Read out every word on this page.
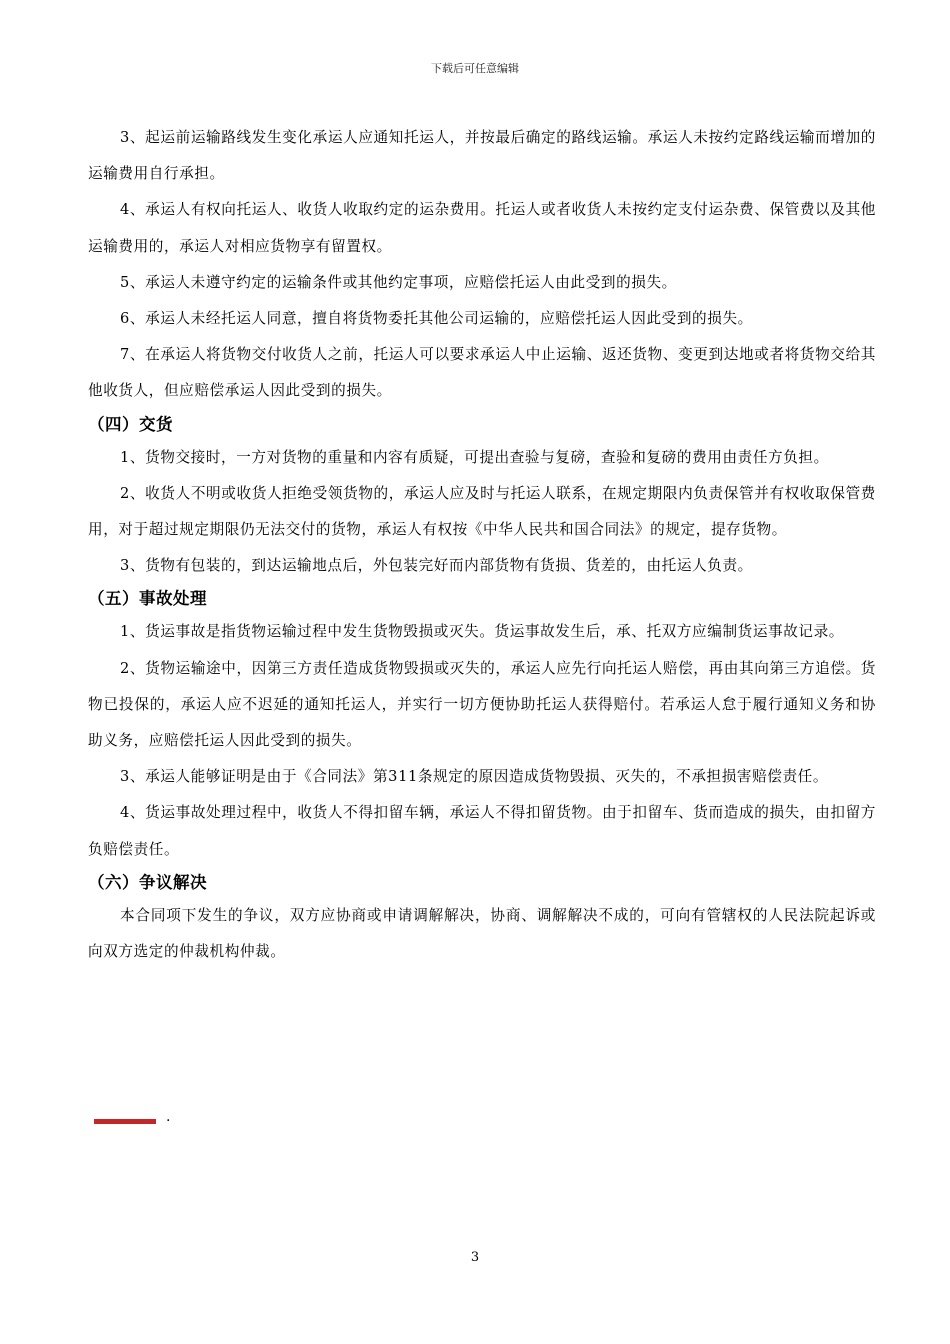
下载后可任意编辑

3、起运前运输路线发生变化承运人应通知托运人，并按最后确定的路线运输。承运人未按约定路线运输而增加的运输费用自行承担。

4、承运人有权向托运人、收货人收取约定的运杂费用。托运人或者收货人未按约定支付运杂费、保管费以及其他运输费用的，承运人对相应货物享有留置权。

5、承运人未遵守约定的运输条件或其他约定事项，应赔偿托运人由此受到的损失。

6、承运人未经托运人同意，擅自将货物委托其他公司运输的，应赔偿托运人因此受到的损失。

7、在承运人将货物交付收货人之前，托运人可以要求承运人中止运输、返还货物、变更到达地或者将货物交给其他收货人，但应赔偿承运人因此受到的损失。

（四）交货

1、货物交接时，一方对货物的重量和内容有质疑，可提出查验与复磅，查验和复磅的费用由责任方负担。

2、收货人不明或收货人拒绝受领货物的，承运人应及时与托运人联系，在规定期限内负责保管并有权收取保管费用，对于超过规定期限仍无法交付的货物，承运人有权按《中华人民共和国合同法》的规定，提存货物。

3、货物有包装的，到达运输地点后，外包装完好而内部货物有货损、货差的，由托运人负责。

（五）事故处理

1、货运事故是指货物运输过程中发生货物毁损或灭失。货运事故发生后，承、托双方应编制货运事故记录。

2、货物运输途中，因第三方责任造成货物毁损或灭失的，承运人应先行向托运人赔偿，再由其向第三方追偿。货物已投保的，承运人应不迟延的通知托运人，并实行一切方便协助托运人获得赔付。若承运人怠于履行通知义务和协助义务，应赔偿托运人因此受到的损失。

3、承运人能够证明是由于《合同法》第311条规定的原因造成货物毁损、灭失的，不承担损害赔偿责任。

4、货运事故处理过程中，收货人不得扣留车辆，承运人不得扣留货物。由于扣留车、货而造成的损失，由扣留方负赔偿责任。

（六）争议解决

本合同项下发生的争议，双方应协商或申请调解解决，协商、调解解决不成的，可向有管辖权的人民法院起诉或向双方选定的仲裁机构仲裁。

.
3
